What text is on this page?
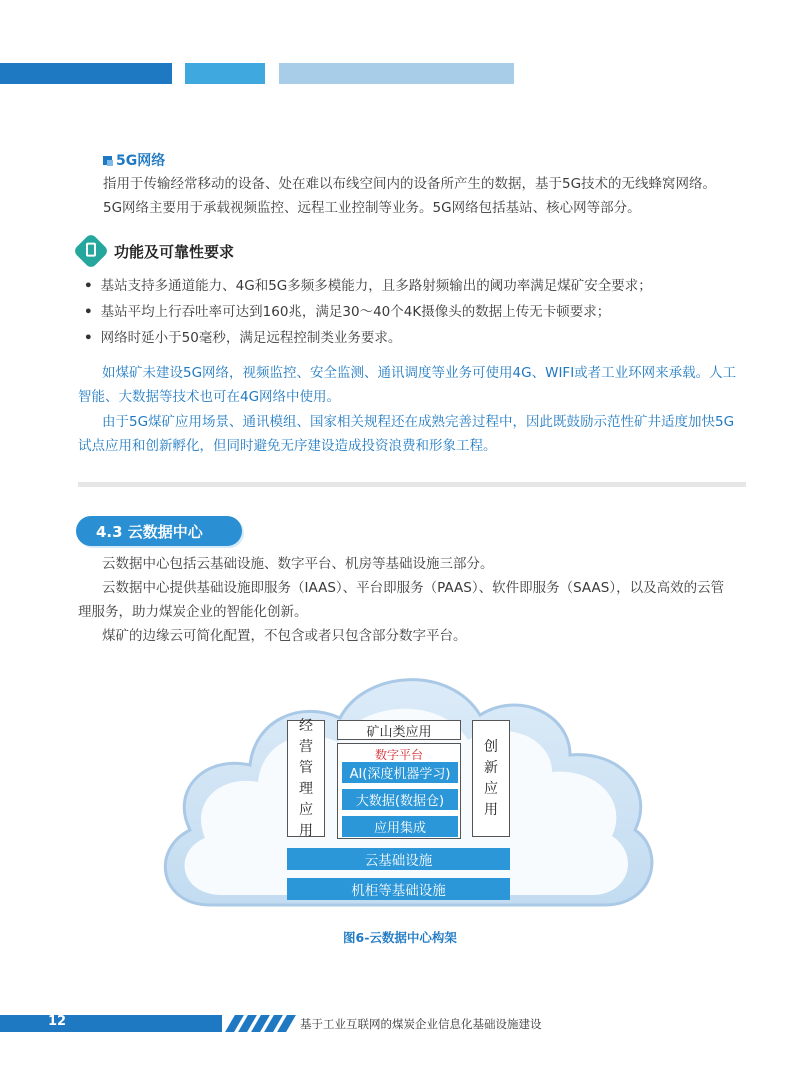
5G网络
指用于传输经常移动的设备、处在难以布线空间内的设备所产生的数据，基于5G技术的无线蜂窝网络。
5G网络主要用于承载视频监控、远程工业控制等业务。5G网络包括基站、核心网等部分。
功能及可靠性要求
• 基站支持多通道能力、4G和5G多频多模能力，且多路射频输出的阈功率满足煤矿安全要求；
• 基站平均上行吞吐率可达到160兆，满足30～40个4K摄像头的数据上传无卡顿要求；
• 网络时延小于50毫秒，满足远程控制类业务要求。
如煤矿未建设5G网络，视频监控、安全监测、通讯调度等业务可使用4G、WIFI或者工业环网来承载。人工
智能、大数据等技术也可在4G网络中使用。
由于5G煤矿应用场景、通讯模组、国家相关规程还在成熟完善过程中，因此既鼓励示范性矿井适度加快5G
试点应用和创新孵化，但同时避免无序建设造成投资浪费和形象工程。
4.3 云数据中心
云数据中心包括云基础设施、数字平台、机房等基础设施三部分。
云数据中心提供基础设施即服务（IAAS）、平台即服务（PAAS）、软件即服务（SAAS），以及高效的云管
理服务，助力煤炭企业的智能化创新。
煤矿的边缘云可简化配置，不包含或者只包含部分数字平台。
经
营
管
理
应
用
创
新
应
用
矿山类应用
数字平台
AI(深度机器学习)
大数据(数据仓)
应用集成
云基础设施
机柜等基础设施
图6-云数据中心构架
12	基于工业互联网的煤炭企业信息化基础设施建设
